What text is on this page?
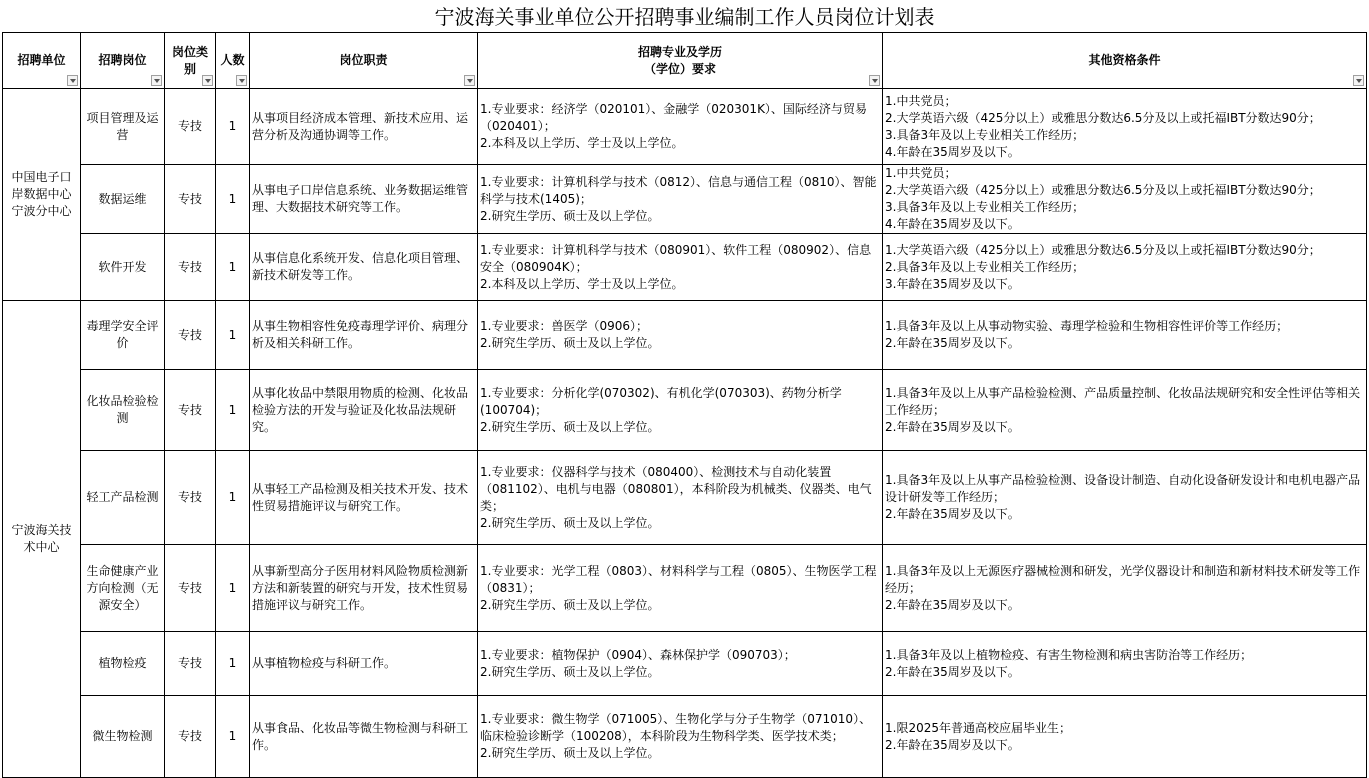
宁波海关事业单位公开招聘事业编制工作人员岗位计划表
招聘单位	招聘岗位	岗位类
别	人数	岗位职责	招聘专业及学历
（学位）要求	其他资格条件

中国电子口岸数据中心宁波分中心	项目管理及运营	专技	1	从事项目经济成本管理、新技术应用、运营分析及沟通协调等工作。	1.专业要求：经济学（020101）、金融学（020301K）、国际经济与贸易（020401）；
2.本科及以上学历、学士及以上学位。	1.中共党员；
2.大学英语六级（425分以上）或雅思分数达6.5分及以上或托福IBT分数达90分；
3.具备3年及以上专业相关工作经历；
4.年龄在35周岁及以下。

	数据运维	专技	1	从事电子口岸信息系统、业务数据运维管理、大数据技术研究等工作。	1.专业要求：计算机科学与技术（0812）、信息与通信工程（0810）、智能科学与技术(1405)；
2.研究生学历、硕士及以上学位。	1.中共党员；
2.大学英语六级（425分以上）或雅思分数达6.5分及以上或托福IBT分数达90分；
3.具备3年及以上专业相关工作经历；
4.年龄在35周岁及以下。

	软件开发	专技	1	从事信息化系统开发、信息化项目管理、新技术研发等工作。	1.专业要求：计算机科学与技术（080901）、软件工程（080902）、信息安全（080904K）；
2.本科及以上学历、学士及以上学位。	1.大学英语六级（425分以上）或雅思分数达6.5分及以上或托福IBT分数达90分；
2.具备3年及以上专业相关工作经历；
3.年龄在35周岁及以下。

宁波海关技术中心	毒理学安全评价	专技	1	从事生物相容性免疫毒理学评价、病理分析及相关科研工作。	1.专业要求：兽医学（0906）；
2.研究生学历、硕士及以上学位。	1.具备3年及以上从事动物实验、毒理学检验和生物相容性评价等工作经历；
2.年龄在35周岁及以下。

	化妆品检验检测	专技	1	从事化妆品中禁限用物质的检测、化妆品检验方法的开发与验证及化妆品法规研究。	1.专业要求：分析化学(070302)、有机化学(070303)、药物分析学(100704)；
2.研究生学历、硕士及以上学位。	1.具备3年及以上从事产品检验检测、产品质量控制、化妆品法规研究和安全性评估等相关工作经历；
2.年龄在35周岁及以下。

	轻工产品检测	专技	1	从事轻工产品检测及相关技术开发、技术性贸易措施评议与研究工作。	1.专业要求：仪器科学与技术（080400）、检测技术与自动化装置（081102）、电机与电器（080801），本科阶段为机械类、仪器类、电气类；
2.研究生学历、硕士及以上学位。	1.具备3年及以上从事产品检验检测、设备设计制造、自动化设备研发设计和电机电器产品设计研发等工作经历；
2.年龄在35周岁及以下。

	生命健康产业方向检测（无源安全）	专技	1	从事新型高分子医用材料风险物质检测新方法和新装置的研究与开发，技术性贸易措施评议与研究工作。	1.专业要求：光学工程（0803）、材料科学与工程（0805）、生物医学工程（0831）；
2.研究生学历、硕士及以上学位。	1.具备3年及以上无源医疗器械检测和研发，光学仪器设计和制造和新材料技术研发等工作经历；
2.年龄在35周岁及以下。

	植物检疫	专技	1	从事植物检疫与科研工作。	1.专业要求：植物保护（0904）、森林保护学（090703）；
2.研究生学历、硕士及以上学位。	1.具备3年及以上植物检疫、有害生物检测和病虫害防治等工作经历；
2.年龄在35周岁及以下。

	微生物检测	专技	1	从事食品、化妆品等微生物检测与科研工作。	1.专业要求：微生物学（071005）、生物化学与分子生物学（071010）、临床检验诊断学（100208），本科阶段为生物科学类、医学技术类；
2.研究生学历、硕士及以上学位。	1.限2025年普通高校应届毕业生；
2.年龄在35周岁及以下。
